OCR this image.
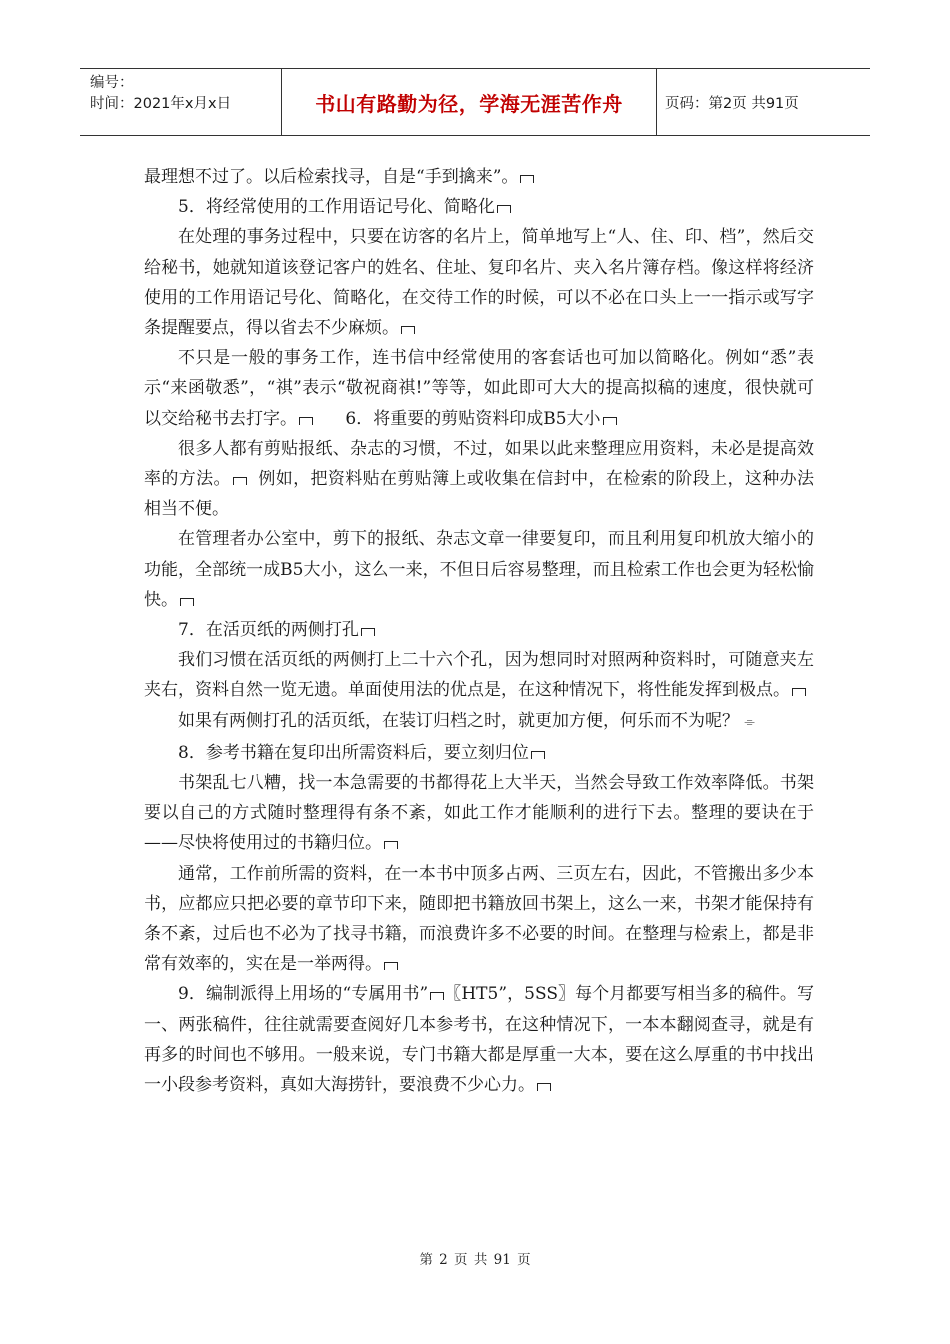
编号：
时间：2021年x月x日	书山有路勤为径，学海无涯苦作舟	页码：第2页 共91页

最理想不过了。以后检索找寻，自是“手到擒来”。

5．将经常使用的工作用语记号化、简略化

在处理的事务过程中，只要在访客的名片上，简单地写上“人、住、印、档”，然后交给秘书，她就知道该登记客户的姓名、住址、复印名片、夹入名片簿存档。像这样将经济使用的工作用语记号化、简略化，在交待工作的时候，可以不必在口头上一一指示或写字条提醒要点，得以省去不少麻烦。

不只是一般的事务工作，连书信中经常使用的客套话也可加以简略化。例如“悉”表示“来函敬悉”，“祺”表示“敬祝商祺!”等等，如此即可大大的提高拟稿的速度，很快就可以交给秘书去打字。      6．将重要的剪贴资料印成B5大小

很多人都有剪贴报纸、杂志的习惯，不过，如果以此来整理应用资料，未必是提高效率的方法。  例如，把资料贴在剪贴簿上或收集在信封中，在检索的阶段上，这种办法相当不便。

在管理者办公室中，剪下的报纸、杂志文章一律要复印，而且利用复印机放大缩小的功能，全部统一成B5大小，这么一来，不但日后容易整理，而且检索工作也会更为轻松愉快。

7．在活页纸的两侧打孔

我们习惯在活页纸的两侧打上二十六个孔，因为想同时对照两种资料时，可随意夹左夹右，资料自然一览无遗。单面使用法的优点是，在这种情况下，将性能发挥到极点。

如果有两侧打孔的活页纸，在装订归档之时，就更加方便，何乐而不为呢？ ⌯

8．参考书籍在复印出所需资料后，要立刻归位

书架乱七八糟，找一本急需要的书都得花上大半天，当然会导致工作效率降低。书架要以自己的方式随时整理得有条不紊，如此工作才能顺利的进行下去。整理的要诀在于——尽快将使用过的书籍归位。

通常，工作前所需的资料，在一本书中顶多占两、三页左右，因此，不管搬出多少本书，应都应只把必要的章节印下来，随即把书籍放回书架上，这么一来，书架才能保持有条不紊，过后也不必为了找寻书籍，而浪费许多不必要的时间。在整理与检索上，都是非常有效率的，实在是一举两得。

9．编制派得上用场的“专属用书” 〖HT5”，5SS〗每个月都要写相当多的稿件。写一、两张稿件，往往就需要查阅好几本参考书，在这种情况下，一本本翻阅查寻，就是有再多的时间也不够用。一般来说，专门书籍大都是厚重一大本，要在这么厚重的书中找出一小段参考资料，真如大海捞针，要浪费不少心力。

第 2 页 共 91 页
